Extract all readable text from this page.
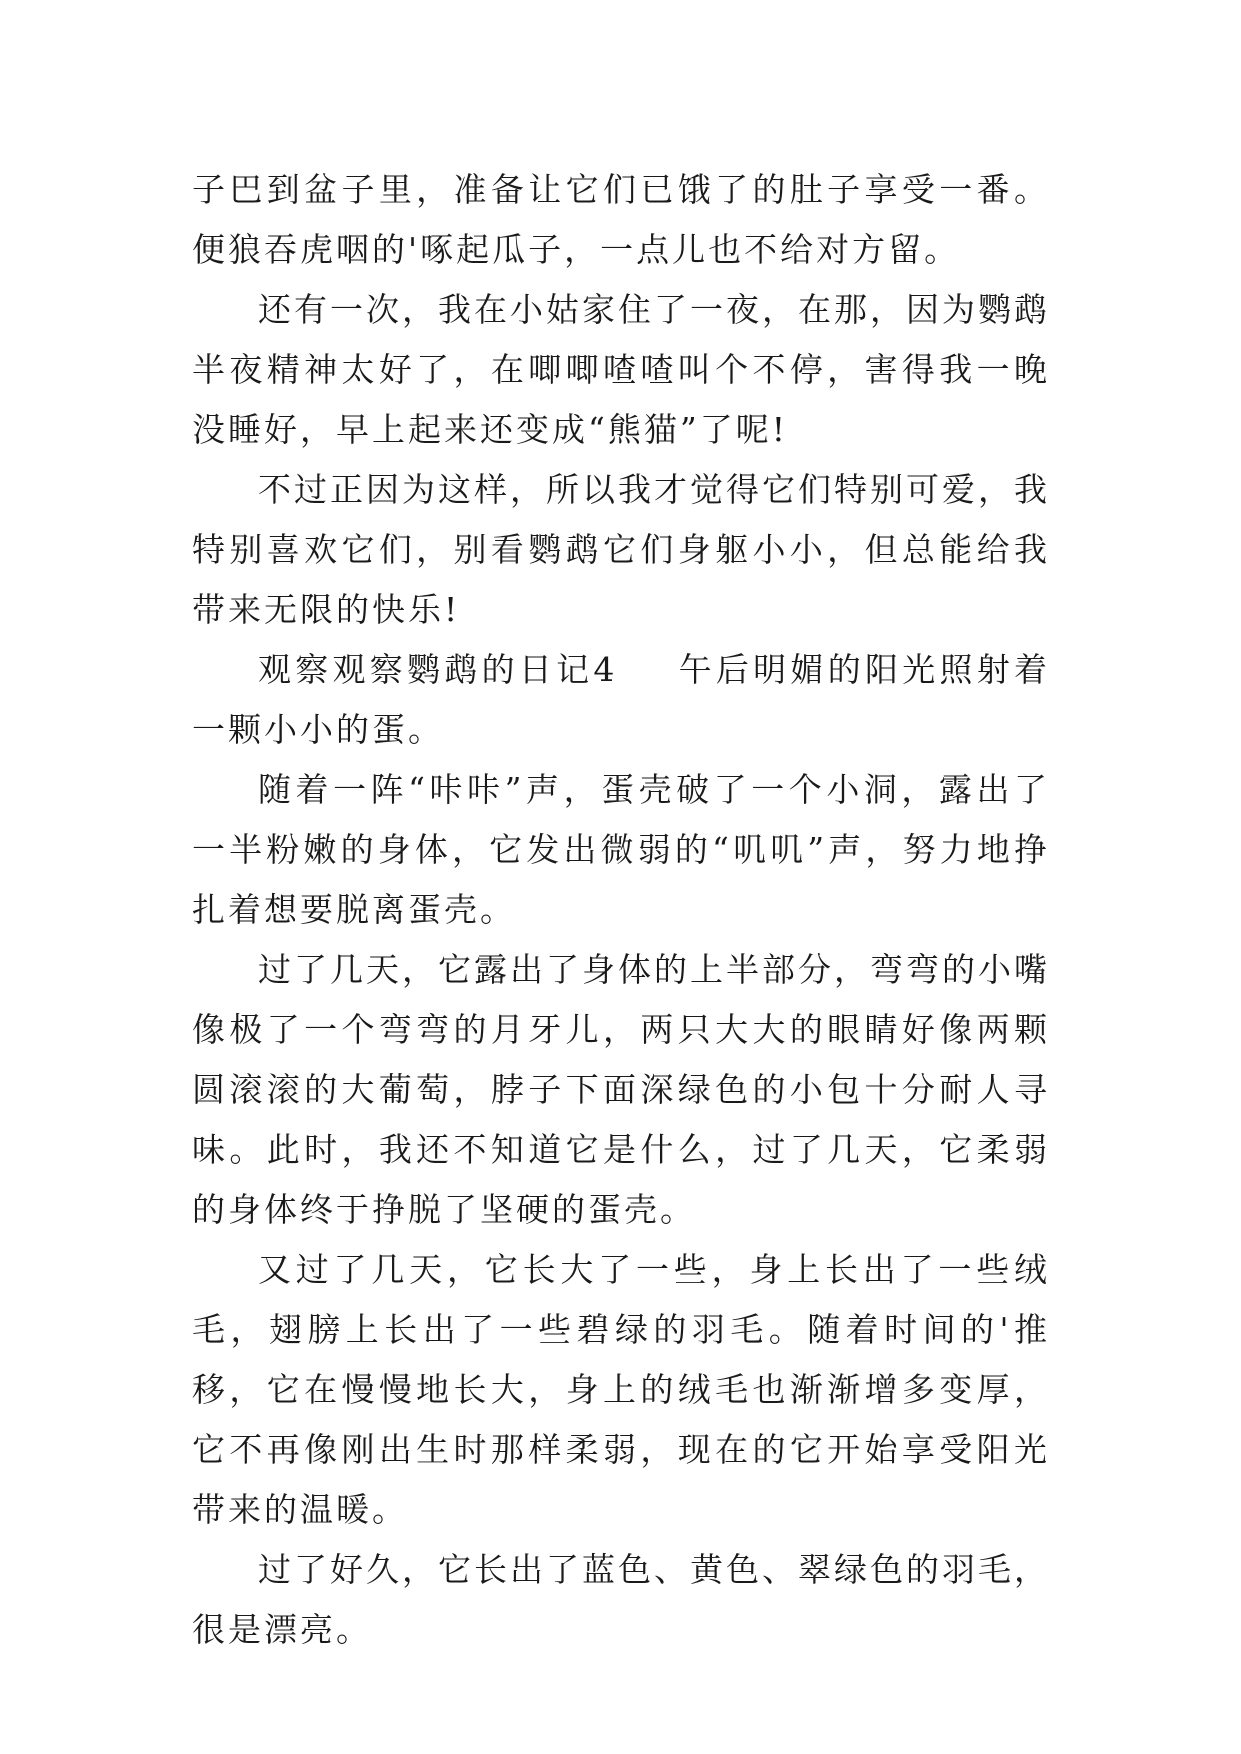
子巴到盆子里，准备让它们已饿了的肚子享受一番。便狼吞虎咽的'啄起瓜子，一点儿也不给对方留。

还有一次，我在小姑家住了一夜，在那，因为鹦鹉半夜精神太好了，在唧唧喳喳叫个不停，害得我一晚没睡好，早上起来还变成“熊猫”了呢!

不过正因为这样，所以我才觉得它们特别可爱，我特别喜欢它们，别看鹦鹉它们身躯小小，但总能给我带来无限的快乐!

观察观察鹦鹉的日记4 午后明媚的阳光照射着一颗小小的蛋。

随着一阵“咔咔”声，蛋壳破了一个小洞，露出了一半粉嫩的身体，它发出微弱的“叽叽”声，努力地挣扎着想要脱离蛋壳。

过了几天，它露出了身体的上半部分，弯弯的小嘴像极了一个弯弯的月牙儿，两只大大的眼睛好像两颗圆滚滚的大葡萄，脖子下面深绿色的小包十分耐人寻味。此时，我还不知道它是什么，过了几天，它柔弱的身体终于挣脱了坚硬的蛋壳。

又过了几天，它长大了一些，身上长出了一些绒毛，翅膀上长出了一些碧绿的羽毛。随着时间的'推移，它在慢慢地长大，身上的绒毛也渐渐增多变厚，它不再像刚出生时那样柔弱，现在的它开始享受阳光带来的温暖。

过了好久，它长出了蓝色、黄色、翠绿色的羽毛，很是漂亮。
